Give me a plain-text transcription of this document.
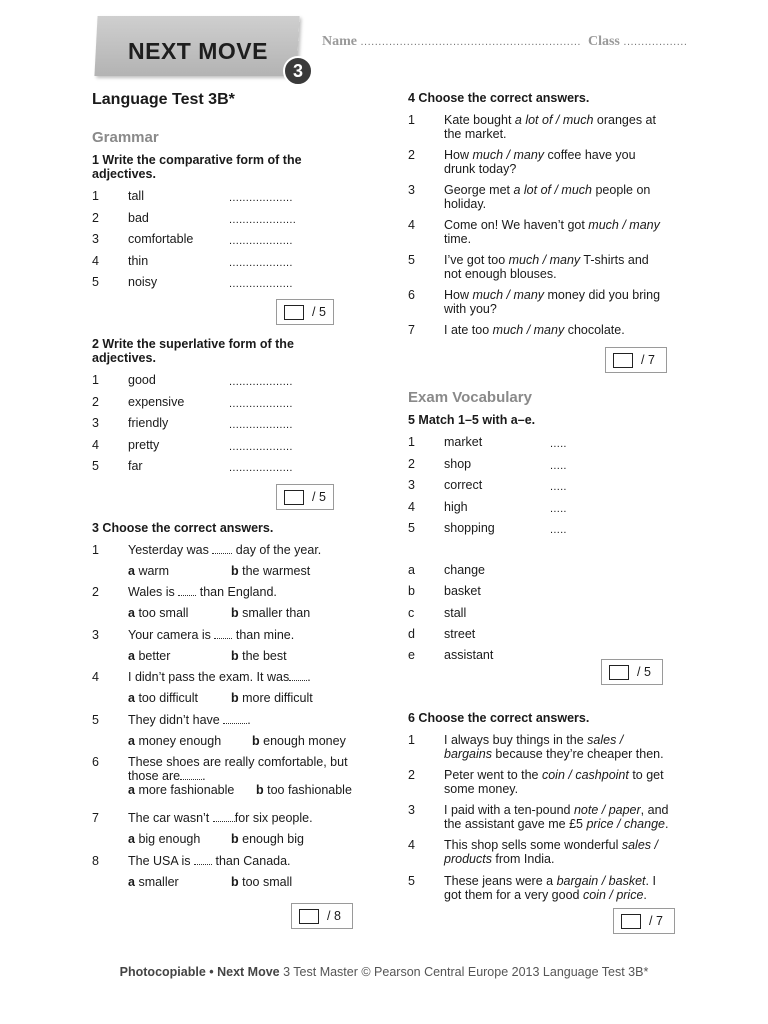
NEXT MOVE
3
Name .............................................................. Class ..................
Language Test 3B*
Grammar
1 Write the comparative form of the adjectives.
1 tall	...................
2 bad	....................
3 comfortable	...................
4 thin	...................
5 noisy	...................
/ 5
2 Write the superlative form of the adjectives.
1 good	...................
2 expensive	...................
3 friendly	...................
4 pretty	...................
5 far	...................
/ 5
3 Choose the correct answers.
1 Yesterday was  day of the year.
a warm	b the warmest
2 Wales is  than England.
a too small	b smaller than
3 Your camera is  than mine.
a better	b the best
4 I didn’t pass the exam. It was .
a too difficult	b more difficult
5 They didn’t have .
a money enough b enough money
6 These shoes are really comfortable, but those are .
a more fashionable b too fashionable
7 The car wasn’t for six people.
a big enough b enough big
8 The USA is  than Canada.
a smaller	b too small
/ 8
4 Choose the correct answers.
1 Kate bought a lot of / much oranges at
the market.
2 How much / many coffee have you
drunk today?
3 George met a lot of / much people on
holiday.
4 Come on! We haven’t got much / many
time.
5 I’ve got too much / many T-shirts and
not enough blouses.
6 How much / many money did you bring
with you?
7 I ate too much / many chocolate.
/ 7
Exam Vocabulary
5 Match 1–5 with a–e.
1 market	.....
2 shop	.....
3 correct	.....
4 high	.....
5 shopping	.....
a change
b basket
c stall
d street
e assistant
/ 5
6 Choose the correct answers.
1 I always buy things in the sales /
bargains because they’re cheaper then.
2 Peter went to the coin / cashpoint to get
some money.
3 I paid with a ten-pound note / paper, and
the assistant gave me £5 price / change.
4 This shop sells some wonderful sales /
products from India.
5 These jeans were a bargain / basket. I
got them for a very good coin / price.
/ 7
Photocopiable • Next Move 3 Test Master © Pearson Central Europe 2013 Language Test 3B*
